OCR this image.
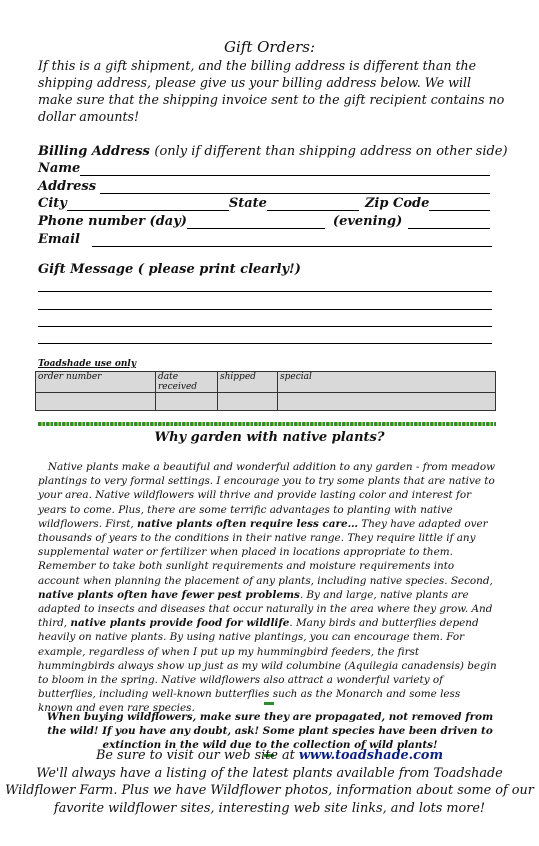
Gift Orders:
If this is a gift shipment, and the billing address is different than the shipping address, please give us your billing address below. We will make sure that the shipping invoice sent to the gift recipient contains no dollar amounts!
Billing Address
(only if different than shipping address on other side)
Name
Address
City	State	Zip Code
Phone number (day)	(evening)
Email
Gift Message ( please print clearly!)
Toadshade use only
order number	date received	shipped	special

Why garden with native plants?
Native plants make a beautiful and wonderful addition to any garden - from meadow plantings to very formal settings. I encourage you to try some plants that are native to your area. Native wildflowers will thrive and provide lasting color and interest for years to come. Plus, there are some terrific advantages to planting with native wildflowers. First, native plants often require less care… They have adapted over thousands of years to the conditions in their native range. They require little if any supplemental water or fertilizer when placed in locations appropriate to them. Remember to take both sunlight requirements and moisture requirements into account when planning the placement of any plants, including native species. Second, native plants often have fewer pest problems. By and large, native plants are adapted to insects and diseases that occur naturally in the area where they grow. And third, native plants provide food for wildlife. Many birds and butterflies depend heavily on native plants. By using native plantings, you can encourage them. For example, regardless of when I put up my hummingbird feeders, the first hummingbirds always show up just as my wild columbine (Aquilegia canadensis) begin to bloom in the spring. Native wildflowers also attract a wonderful variety of butterflies, including well-known butterflies such as the Monarch and some less known and even rare species.
When buying wildflowers, make sure they are propagated, not removed from the wild! If you have any doubt, ask! Some plant species have been driven to extinction in the wild due to the collection of wild plants!
Be sure to visit our web site at www.toadshade.com
We'll always have a listing of the latest plants available from Toadshade Wildflower Farm. Plus we have Wildflower photos, information about some of our favorite wildflower sites, interesting web site links, and lots more!
